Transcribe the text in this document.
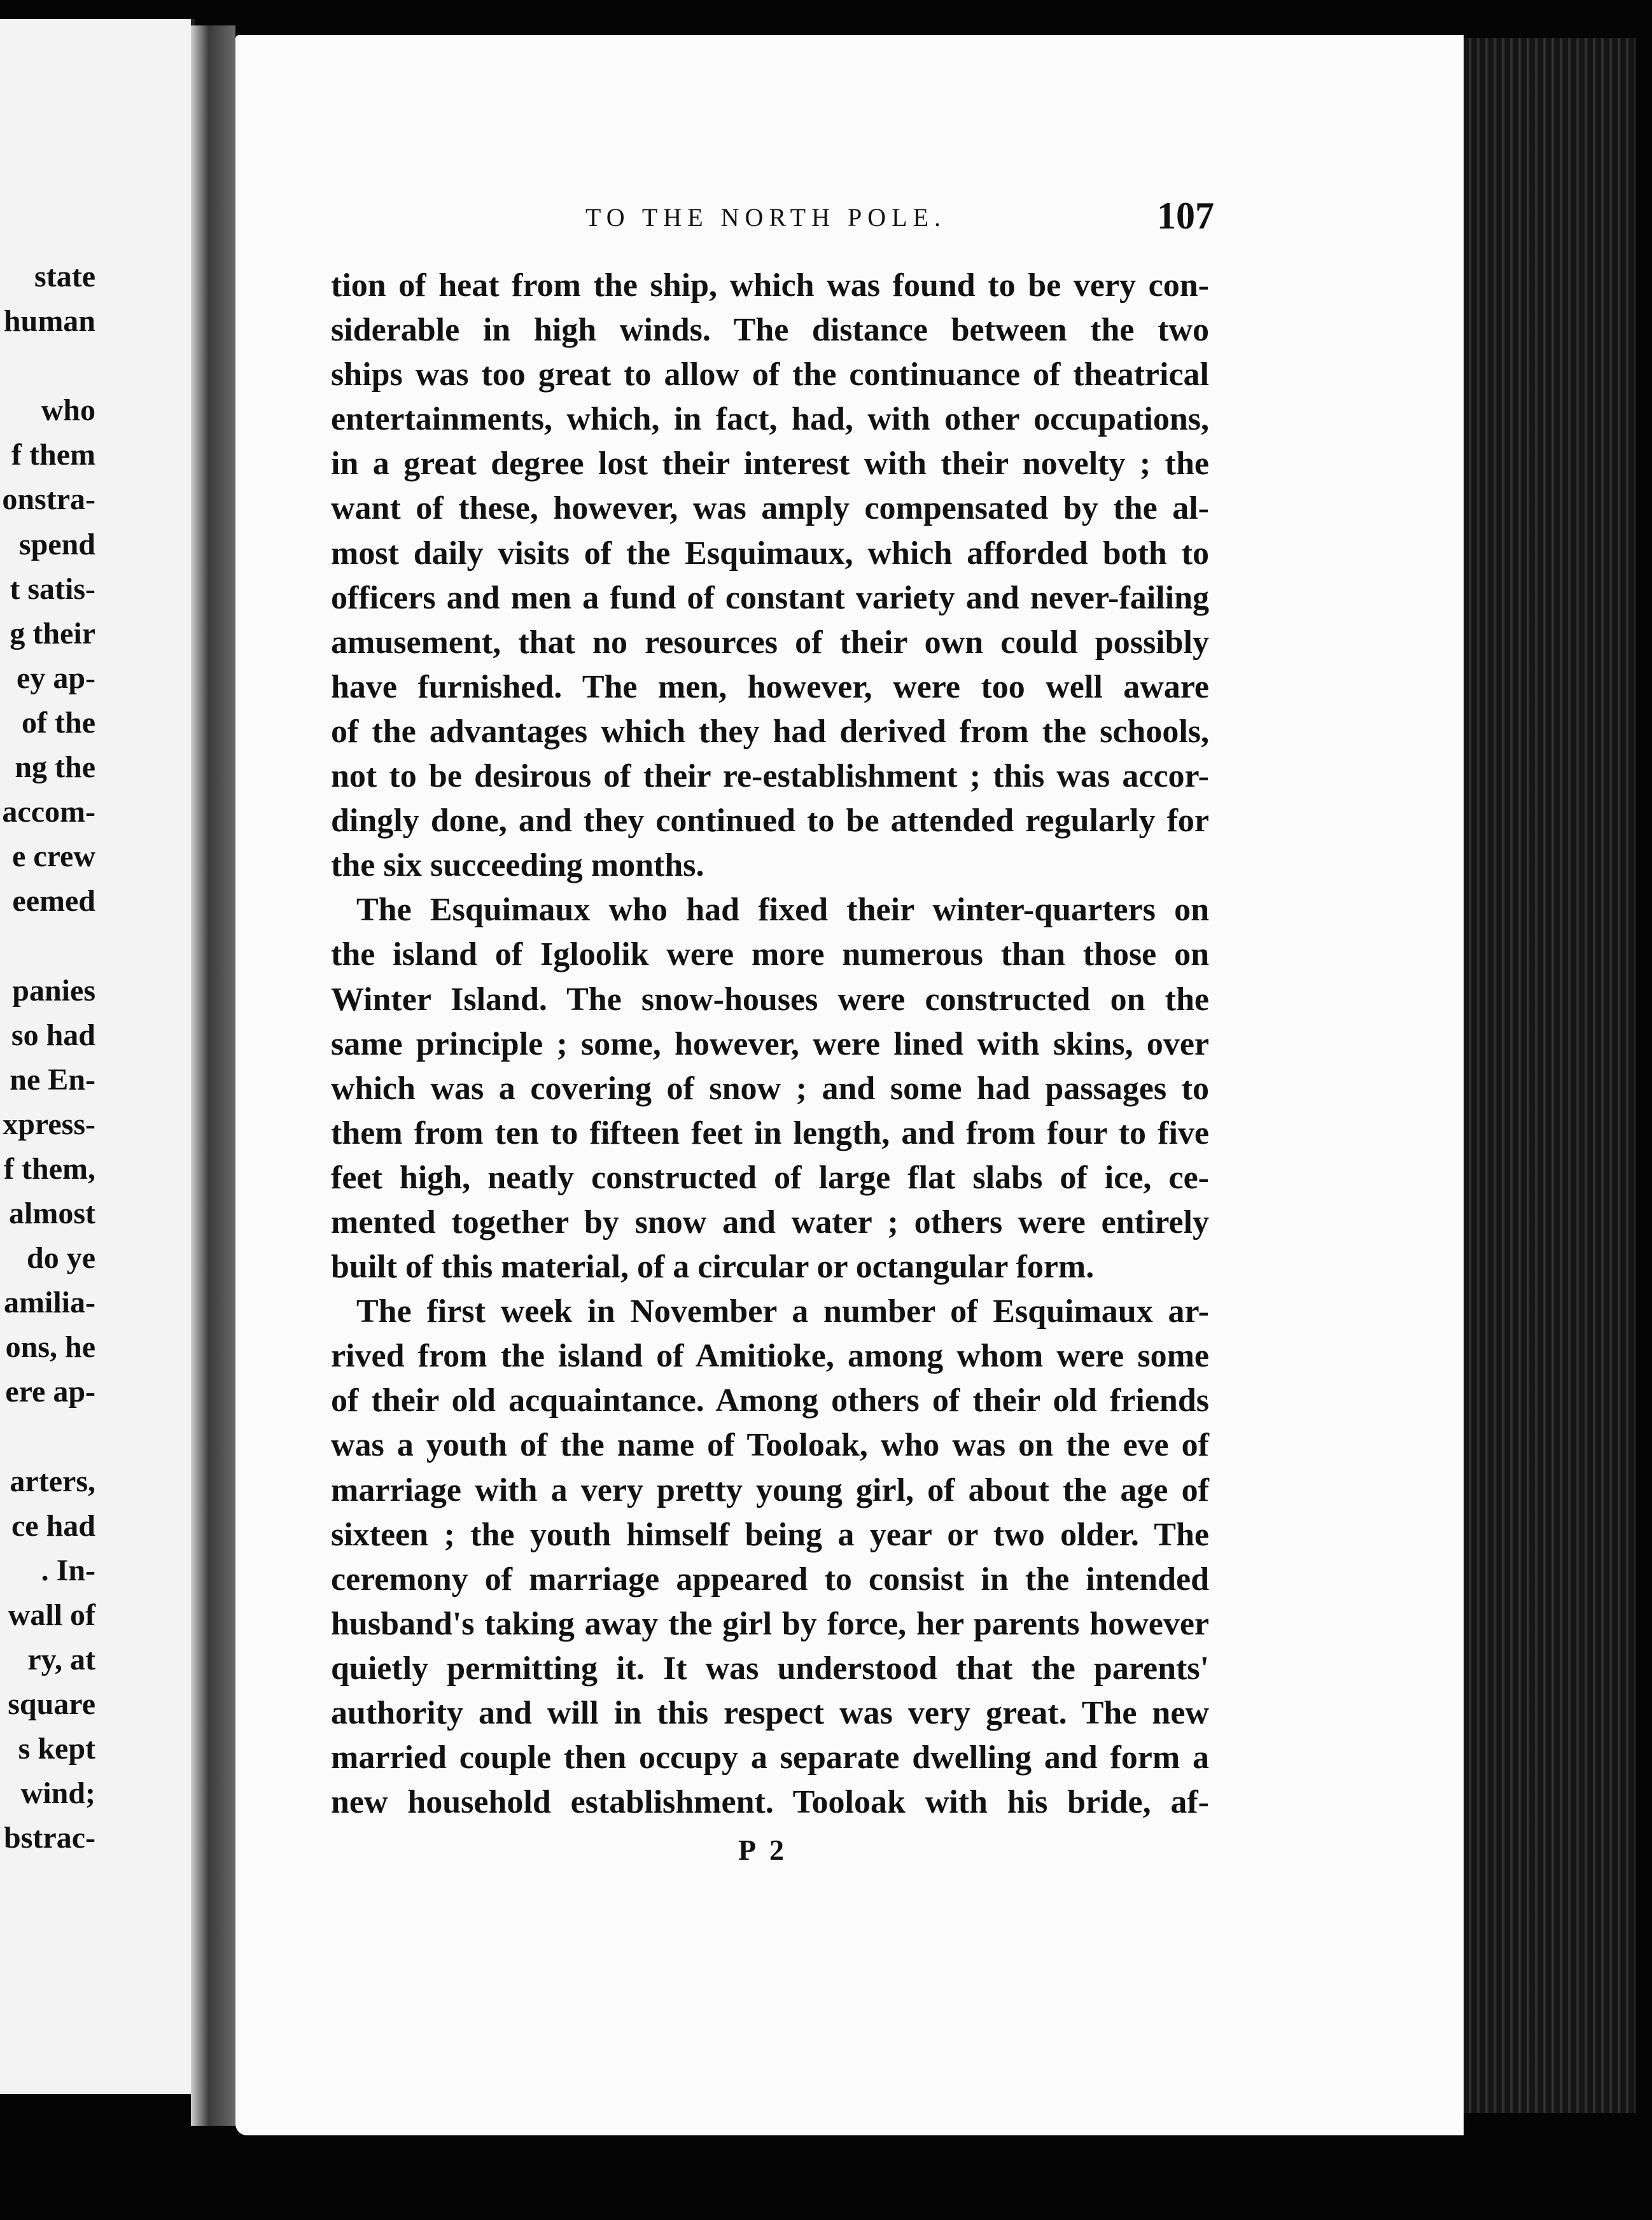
state
human
who
f them
onstra-
spend
t satis-
g their
ey ap-
of the
ng the
accom-
e crew
eemed
panies
so had
ne En-
xpress-
f them,
almost
do ye
amilia-
ons, he
ere ap-
arters,
ce had
. In-
wall of
ry, at
square
s kept
wind;
bstrac-
TO THE NORTH POLE.	107
tion of heat from the ship, which was found to be very con-
siderable in high winds. The distance between the two
ships was too great to allow of the continuance of theatrical
entertainments, which, in fact, had, with other occupations,
in a great degree lost their interest with their novelty ; the
want of these, however, was amply compensated by the al-
most daily visits of the Esquimaux, which afforded both to
officers and men a fund of constant variety and never-failing
amusement, that no resources of their own could possibly
have furnished. The men, however, were too well aware
of the advantages which they had derived from the schools,
not to be desirous of their re-establishment ; this was accor-
dingly done, and they continued to be attended regularly for
the six succeeding months.
The Esquimaux who had fixed their winter-quarters on
the island of Igloolik were more numerous than those on
Winter Island. The snow-houses were constructed on the
same principle ; some, however, were lined with skins, over
which was a covering of snow ; and some had passages to
them from ten to fifteen feet in length, and from four to five
feet high, neatly constructed of large flat slabs of ice, ce-
mented together by snow and water ; others were entirely
built of this material, of a circular or octangular form.
The first week in November a number of Esquimaux ar-
rived from the island of Amitioke, among whom were some
of their old acquaintance. Among others of their old friends
was a youth of the name of Tooloak, who was on the eve of
marriage with a very pretty young girl, of about the age of
sixteen ; the youth himself being a year or two older. The
ceremony of marriage appeared to consist in the intended
husband's taking away the girl by force, her parents however
quietly permitting it. It was understood that the parents'
authority and will in this respect was very great. The new
married couple then occupy a separate dwelling and form a
new household establishment. Tooloak with his bride, af-
P 2
